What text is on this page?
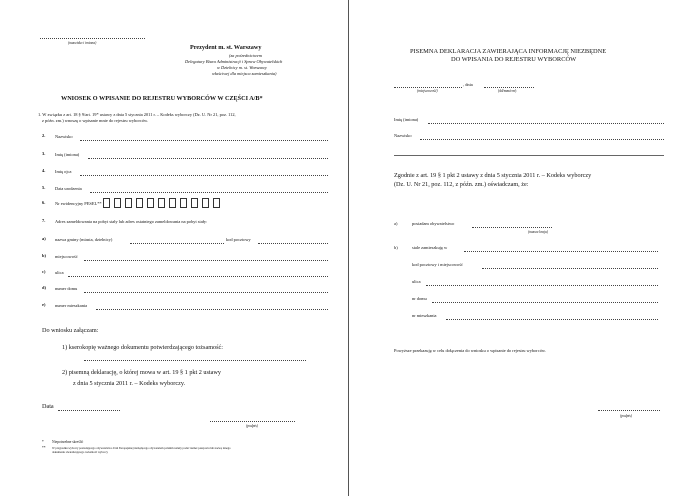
(nazwisko i imiona)
Prezydent m. st. Warszawy
(za pośrednictwem
Delegatury Biura Administracji i Spraw Obywatelskich
w Dzielnicy m. st. Warszawy
właściwej dla miejsca zamieszkania)
WNIOSEK O WPISANIE DO REJESTRU WYBORCÓW W CZĘŚCI A/B*
1. W związku z art. 18 § 9/art. 19* ustawy z dnia 5 stycznia 2011 r. – Kodeks wyborczy (Dz. U. Nr 21, poz. 112,
z późn. zm.) wnoszę o wpisanie mnie do rejestru wyborców.
2. Nazwisko
3. Imię (imiona)
4. Imię ojca
5. Data urodzenia
6. Nr ewidencyjny PESEL**
7. Adres zameldowania na pobyt stały lub adres ostatniego zameldowania na pobyt stały:
a) nazwa gminy (miasta, dzielnicy)	kod pocztowy
b) miejscowość
c) ulica
d) numer domu
e) numer mieszkania
Do wniosku załączam:
1) kserokopię ważnego dokumentu potwierdzającego tożsamość:
2) pisemną deklarację, o której mowa w art. 19 § 1 pkt 2 ustawy
z dnia 5 stycznia 2011 r. – Kodeks wyborczy.
Data
(podpis)
* Niepotrzebne skreślić
** W przypadku wyborcy posiadającego obywatelstwo Unii Europejskiej niebędącego obywatelem polskim należy podać numer paszportu lub nazwę innego
dokumentu stwierdzającego tożsamość wyborcy
PISEMNA DEKLARACJA ZAWIERAJĄCA INFORMACJĘ NIEZBĘDNE
DO WPISANIA DO REJESTRU WYBORCÓW
, dnia
(miejscowość)	(dd/mm/rrrr)
Imię (imiona)
Nazwisko
Zgodnie z art. 19 § 1 pkt 2 ustawy z dnia 5 stycznia 2011 r. – Kodeks wyborczy
(Dz. U. Nr 21, poz. 112, z późn. zm.) oświadczam, że:
a)	posiadam obywatelstwo
(nazwa kraju)
b)	stale zamieszkuję w
kod pocztowy i miejscowość
ulica
nr domu
nr mieszkania
Powyższe przekazuję w celu dołączenia do wniosku o wpisanie do rejestru wyborców.
(podpis)
